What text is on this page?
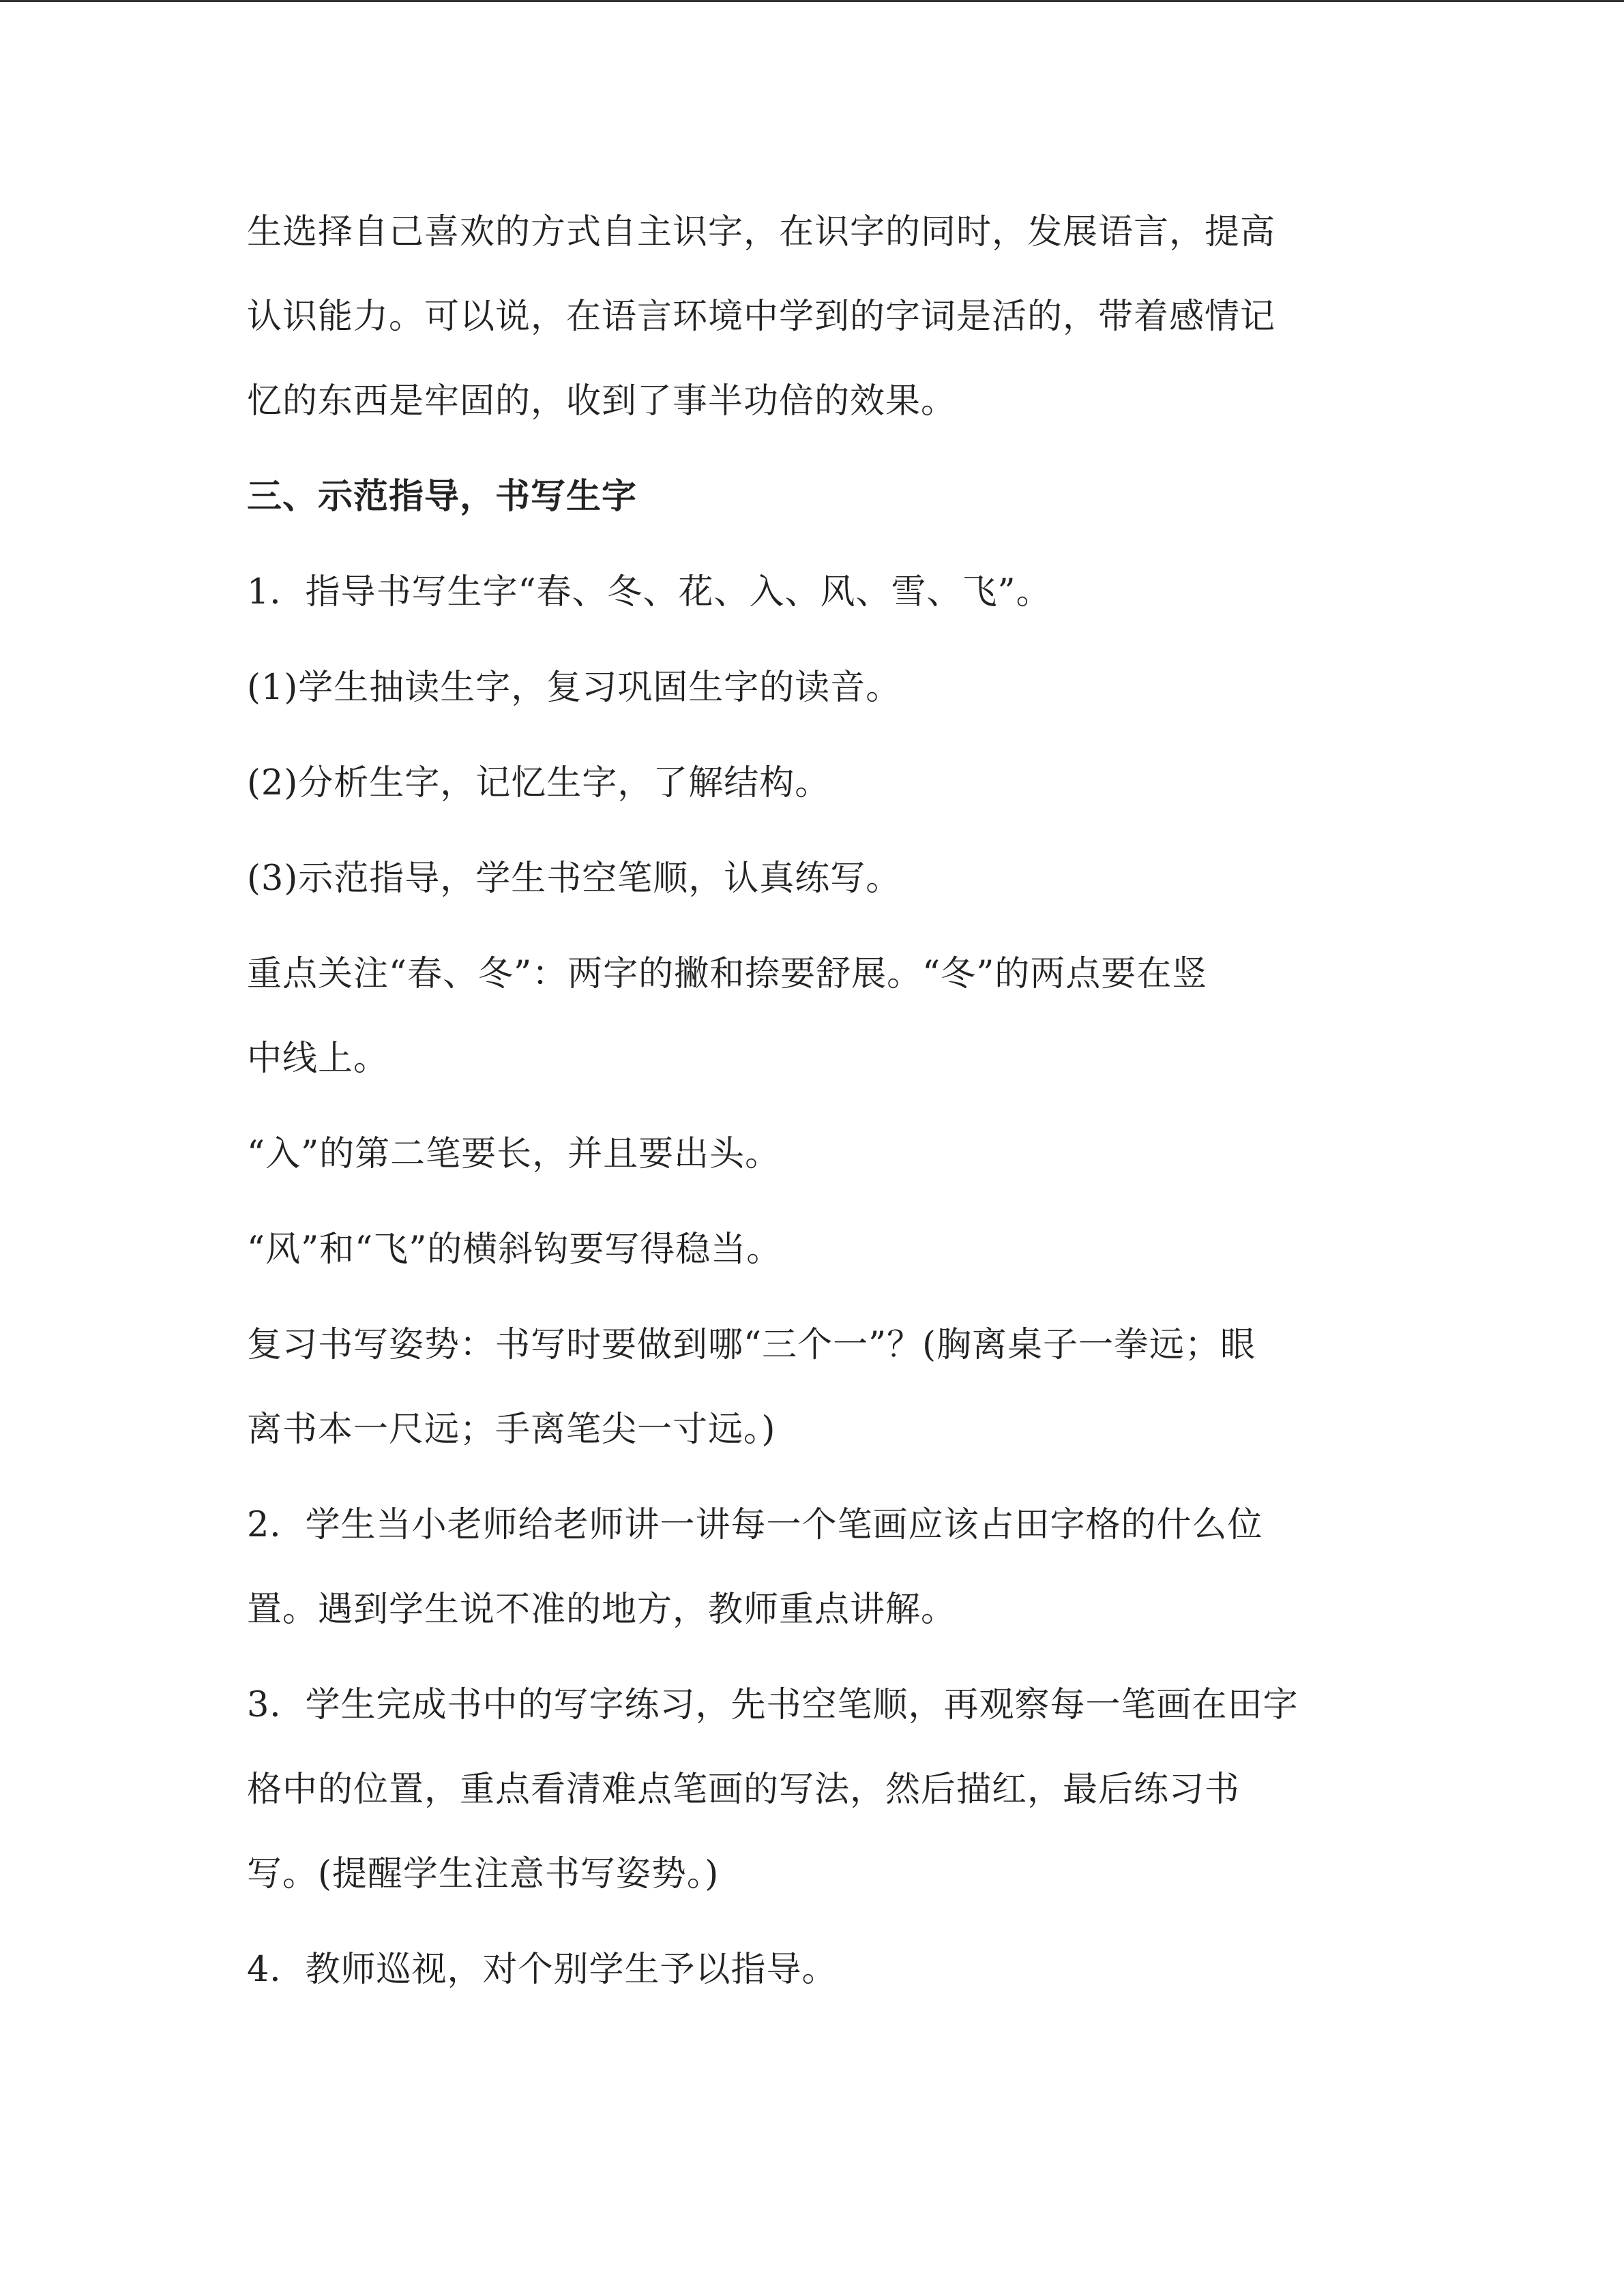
生选择自己喜欢的方式自主识字，在识字的同时，发展语言，提高
认识能力。可以说，在语言环境中学到的字词是活的，带着感情记
忆的东西是牢固的，收到了事半功倍的效果。
三、示范指导，书写生字
1．指导书写生字“春、冬、花、入、风、雪、飞”。
(1)学生抽读生字，复习巩固生字的读音。
(2)分析生字，记忆生字，了解结构。
(3)示范指导，学生书空笔顺，认真练写。
重点关注“春、冬”：两字的撇和捺要舒展。“冬”的两点要在竖
中线上。
“入”的第二笔要长，并且要出头。
“风”和“飞”的横斜钩要写得稳当。
复习书写姿势：书写时要做到哪“三个一”？(胸离桌子一拳远；眼
离书本一尺远；手离笔尖一寸远。)
2．学生当小老师给老师讲一讲每一个笔画应该占田字格的什么位
置。遇到学生说不准的地方，教师重点讲解。
3．学生完成书中的写字练习，先书空笔顺，再观察每一笔画在田字
格中的位置，重点看清难点笔画的写法，然后描红，最后练习书
写。(提醒学生注意书写姿势。)
4．教师巡视，对个别学生予以指导。
